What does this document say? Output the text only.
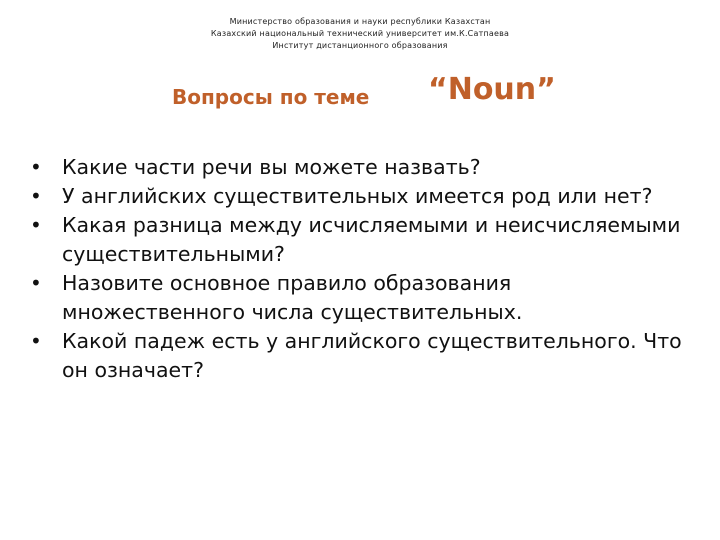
Министерство образования и науки республики Казахстан
Казахский национальный технический университет им.К.Сатпаева
Институт дистанционного образования
Вопросы по теме “Noun”
• Какие части речи вы можете назвать?
• У английских существительных имеется род или нет?
• Какая разница между исчисляемыми и неисчисляемыми существительными?
• Назовите основное правило образования множественного числа существительных.
• Какой падеж есть у английского существительного. Что он означает?
